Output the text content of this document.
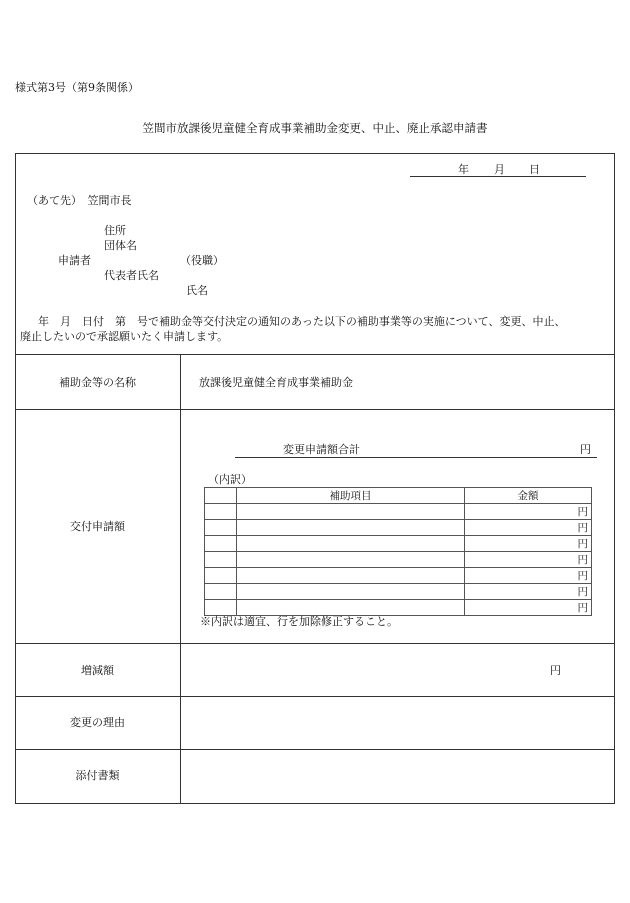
様式第3号（第9条関係）
笠間市放課後児童健全育成事業補助金変更、中止、廃止承認申請書
年 月 日
（あて先）　笠間市長
住所
団体名
申請者	（役職）
代表者氏名
氏名
　年　月　日付　第　号で補助金等交付決定の通知のあった以下の補助事業等の実施について、変更、中止、
廃止したいので承認願いたく申請します。
補助金等の名称	放課後児童健全育成事業補助金
交付申請額
変更申請額合計	円
（内訳）
	補助項目	金額
		円
		円
		円
		円
		円
		円
		円
※内訳は適宜、行を加除修正すること。
増減額	円
変更の理由
添付書類
